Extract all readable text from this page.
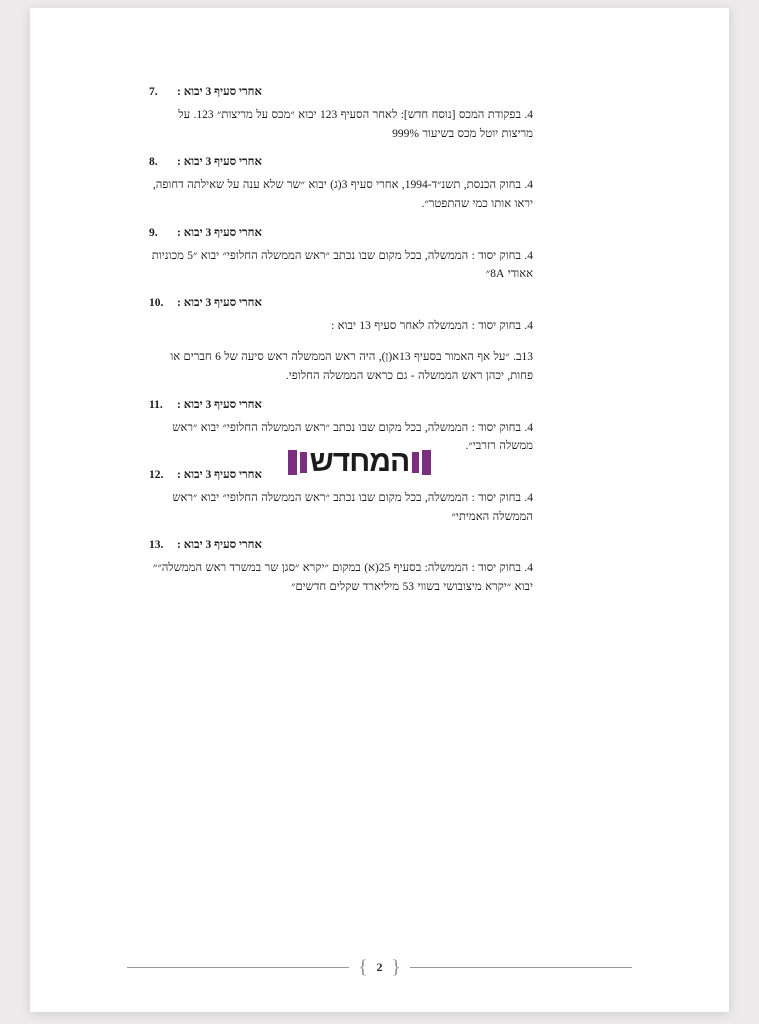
7.	אחרי סעיף 3 יבוא :
4. בפקודת המכס [נוסח חדש]: לאחר הסעיף 123 יבוא ״מכס על מריצות״ 123. על מריצות יוטל מכס בשיעור 999%
8.	אחרי סעיף 3 יבוא :
4. בחוק הכנסת, תשנ״ד-1994, אחרי סעיף 3(ג) יבוא ״שר שלא ענה על שאילתה דחופה, יראו אותו כמי שהתפטר״.
9.	אחרי סעיף 3 יבוא :
4. בחוק יסוד : הממשלה, בכל מקום שבו נכתב ״ראש הממשלה החלופי״ יבוא ״5 מכוניות אאודי 8A״
10.	אחרי סעיף 3 יבוא :
4. בחוק יסוד : הממשלה לאחר סעיף 13 יבוא :
13ב. ״על אף האמור בסעיף 13א(ן), היה ראש הממשלה ראש סיעה של 6 חברים או פחות, יכהן ראש הממשלה - גם כראש הממשלה החלופי.
11.	אחרי סעיף 3 יבוא :
4. בחוק יסוד : הממשלה, בכל מקום שבו נכתב ״ראש הממשלה החלופי״ יבוא ״ראש ממשלה רזרבי״.
12.	אחרי סעיף 3 יבוא :
4. בחוק יסוד : הממשלה, בכל מקום שבו נכתב ״ראש הממשלה החלופי״ יבוא ״ראש הממשלה האמיתי״
13.	אחרי סעיף 3 יבוא :
4. בחוק יסוד : הממשלה: בסעיף 25(א) במקום ״יקרא ״סגן שר במשרד ראש הממשלה״״ יבוא ״יקרא מיצובושי בשווי 53 מיליארד שקלים חדשים״
המחדש
{
2
}
